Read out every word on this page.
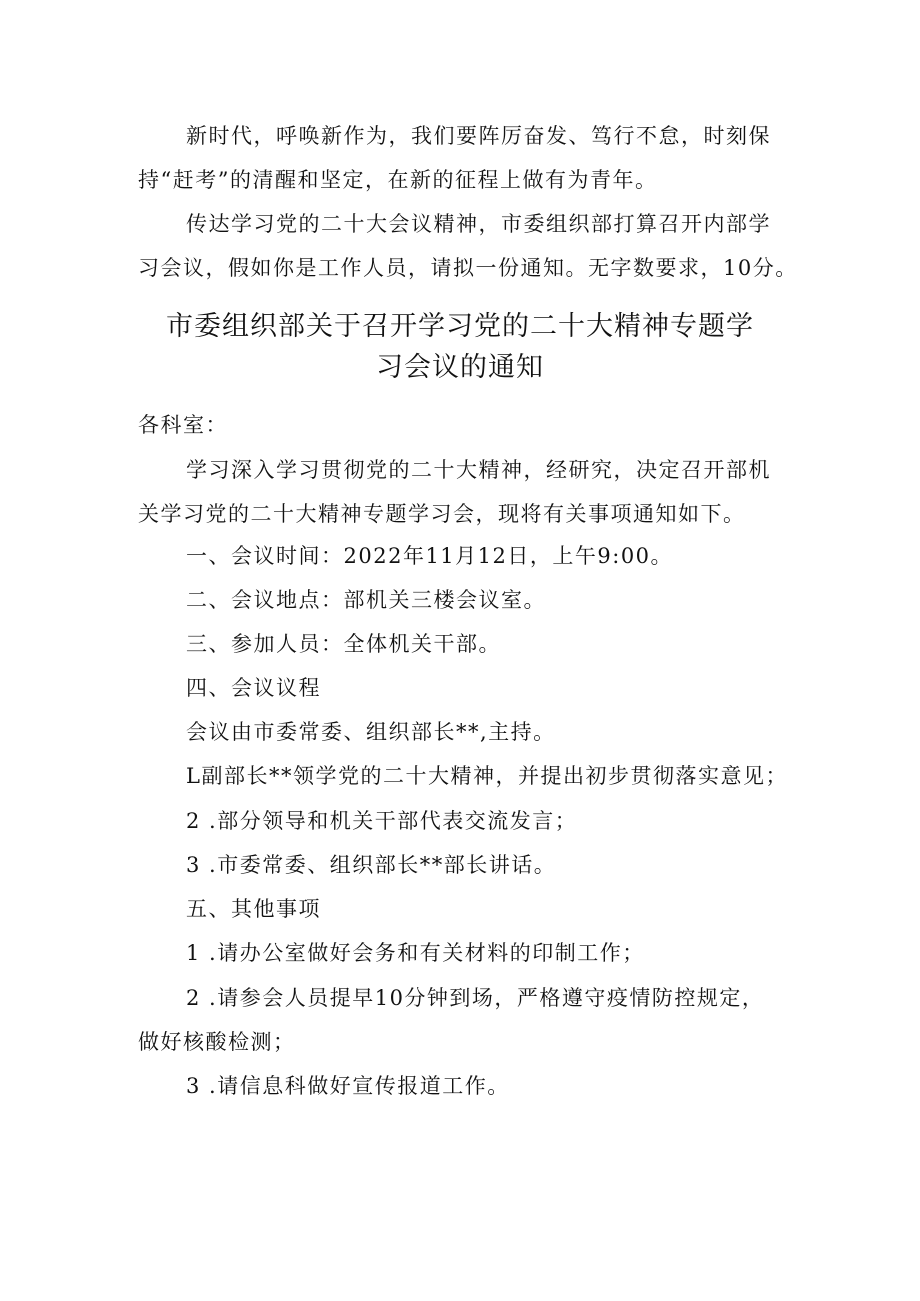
新时代，呼唤新作为，我们要阵厉奋发、笃行不怠，时刻保
持“赶考”的清醒和坚定，在新的征程上做有为青年。
传达学习党的二十大会议精神，市委组织部打算召开内部学
习会议，假如你是工作人员，请拟一份通知。无字数要求，10分。
市委组织部关于召开学习党的二十大精神专题学
习会议的通知
各科室：
学习深入学习贯彻党的二十大精神，经研究，决定召开部机
关学习党的二十大精神专题学习会，现将有关事项通知如下。
一、会议时间：2022年11月12日，上午9:00。
二、会议地点：部机关三楼会议室。
三、参加人员：全体机关干部。
四、会议议程
会议由市委常委、组织部长**,主持。
L副部长**领学党的二十大精神，并提出初步贯彻落实意见；
2 .部分领导和机关干部代表交流发言；
3 .市委常委、组织部长**部长讲话。
五、其他事项
1 .请办公室做好会务和有关材料的印制工作；
2 .请参会人员提早10分钟到场，严格遵守疫情防控规定，
做好核酸检测；
3 .请信息科做好宣传报道工作。
